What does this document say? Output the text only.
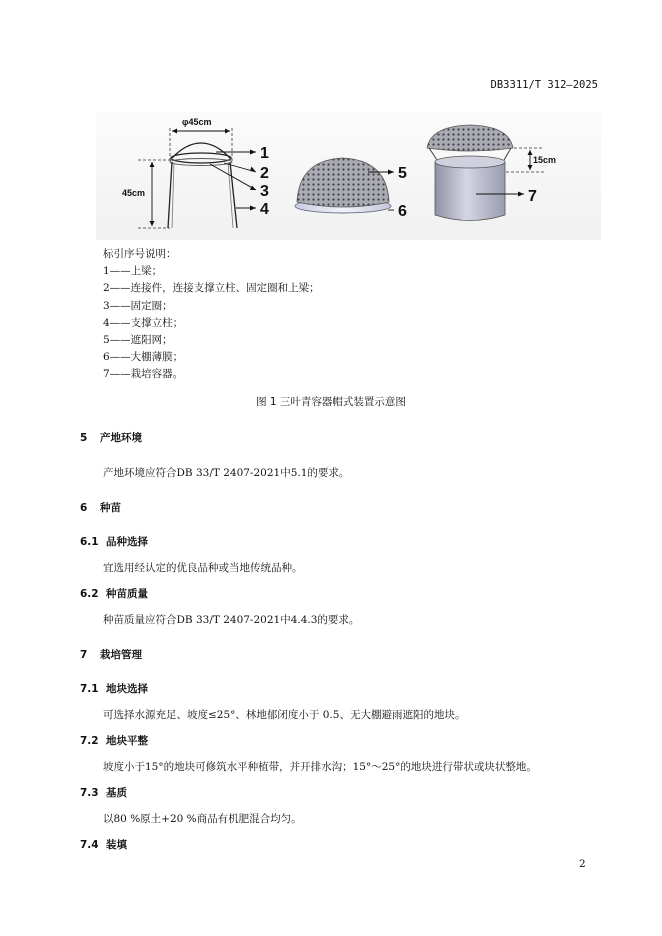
DB3311/T 312—2025
φ45cm
45cm
1
2
3
4
5
6
15cm
7
标引序号说明：
1——上梁；
2——连接件，连接支撑立柱、固定圈和上梁；
3——固定圈；
4——支撑立柱；
5——遮阳网；
6——大棚薄膜；
7——栽培容器。
图 1 三叶青容器帽式装置示意图
5 产地环境
产地环境应符合DB 33/T 2407-2021中5.1的要求。
6 种苗
6.1 品种选择
宜选用经认定的优良品种或当地传统品种。
6.2 种苗质量
种苗质量应符合DB 33/T 2407-2021中4.4.3的要求。
7 栽培管理
7.1 地块选择
可选择水源充足、坡度≤25°、林地郁闭度小于 0.5、无大棚避雨遮阳的地块。
7.2 地块平整
坡度小于15°的地块可修筑水平种植带，并开排水沟；15°～25°的地块进行带状或块状整地。
7.3 基质
以80 %原土+20 %商品有机肥混合均匀。
7.4 装填
2
